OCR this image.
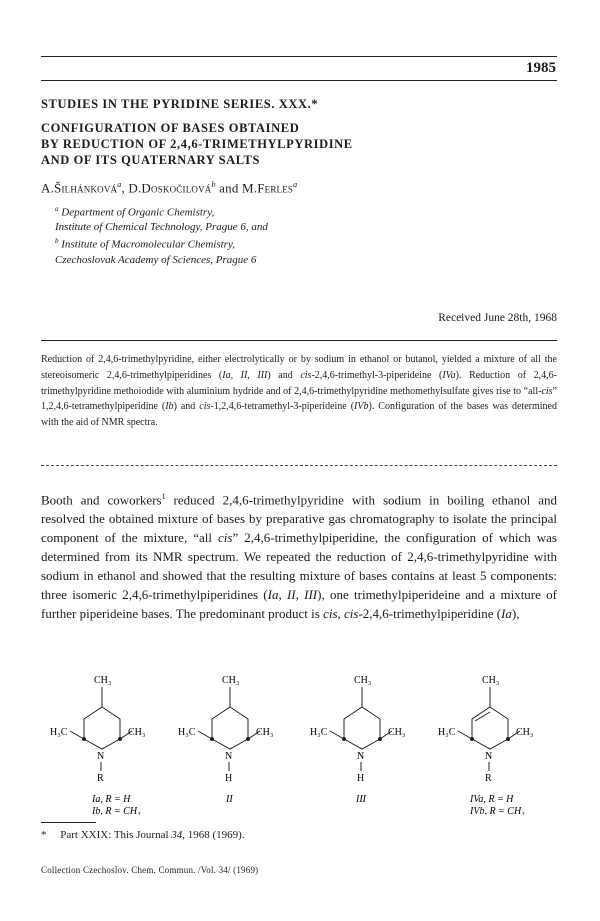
1985
STUDIES IN THE PYRIDINE SERIES. XXX.*
CONFIGURATION OF BASES OBTAINED
BY REDUCTION OF 2,4,6-TRIMETHYLPYRIDINE
AND OF ITS QUATERNARY SALTS
A.Šilhánková$^a$, D.Doskočilová$^b$ and M.Ferles$^a$
$^a$ Department of Organic Chemistry,
Institute of Chemical Technology, Prague 6, and
$^b$ Institute of Macromolecular Chemistry,
Czechoslovak Academy of Sciences, Prague 6
Received June 28th, 1968
Reduction of 2,4,6-trimethylpyridine, either electrolytically or by sodium in ethanol or butanol, yielded a mixture of all the stereoisomeric 2,4,6-trimethylpiperidines (Ia, II, III) and cis-2,4,6-trimethyl-3-piperideine (IVa). Reduction of 2,4,6-trimethylpyridine methoiodide with aluminium hydride and of 2,4,6-trimethylpyridine methomethylsulfate gives rise to “all-cis” 1,2,4,6-tetramethylpiperidine (Ib) and cis-1,2,4,6-tetramethyl-3-piperideine (IVb). Configuration of the bases was determined with the aid of NMR spectra.
Booth and coworkers$^1$ reduced 2,4,6-trimethylpyridine with sodium in boiling ethanol and resolved the obtained mixture of bases by preparative gas chromatography to isolate the principal component of the mixture, “all cis” 2,4,6-trimethylpiperidine, the configuration of which was determined from its NMR spectrum. We repeated the reduction of 2,4,6-trimethylpyridine with sodium in ethanol and showed that the resulting mixture of bases contains at least 5 components: three isomeric 2,4,6-trimethylpiperidines (Ia, II, III), one trimethylpiperideine and a mixture of further piperideine bases. The predominant product is cis, cis-2,4,6-trimethylpiperidine (Ia),
CH₃
H₃C	CH₃
N
R
Ia, R = H
Ib, R = CH₃
CH₃
H₃C	CH₃
N
H
II
CH₃
H₃C	CH₃
N
H
III
CH₃
H₃C	CH₃
N
R
IVa, R = H
IVb, R = CH₃
* Part XXIX: This Journal 34, 1968 (1969).
Collection Czechoslov. Chem. Commun. /Vol. 34/ (1969)
